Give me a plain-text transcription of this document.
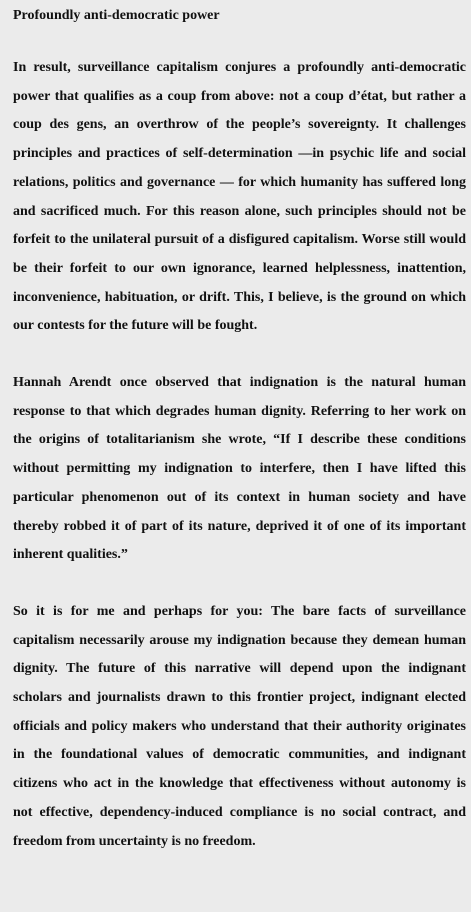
Profoundly anti-democratic power

In result, surveillance capitalism conjures a profoundly anti-democratic power that qualifies as a coup from above: not a coup d’état, but rather a coup des gens, an overthrow of the people’s sovereignty. It challenges principles and practices of self-determination —in psychic life and social relations, politics and governance — for which humanity has suffered long and sacrificed much. For this reason alone, such principles should not be forfeit to the unilateral pursuit of a disfigured capitalism. Worse still would be their forfeit to our own ignorance, learned helplessness, inattention, inconvenience, habituation, or drift. This, I believe, is the ground on which our contests for the future will be fought.

Hannah Arendt once observed that indignation is the natural human response to that which degrades human dignity. Referring to her work on the origins of totalitarianism she wrote, “If I describe these conditions without permitting my indignation to interfere, then I have lifted this particular phenomenon out of its context in human society and have thereby robbed it of part of its nature, deprived it of one of its important inherent qualities.”

So it is for me and perhaps for you: The bare facts of surveillance capitalism necessarily arouse my indignation because they demean human dignity. The future of this narrative will depend upon the indignant scholars and journalists drawn to this frontier project, indignant elected officials and policy makers who understand that their authority originates in the foundational values of democratic communities, and indignant citizens who act in the knowledge that effectiveness without autonomy is not effective, dependency-induced compliance is no social contract, and freedom from uncertainty is no freedom.
